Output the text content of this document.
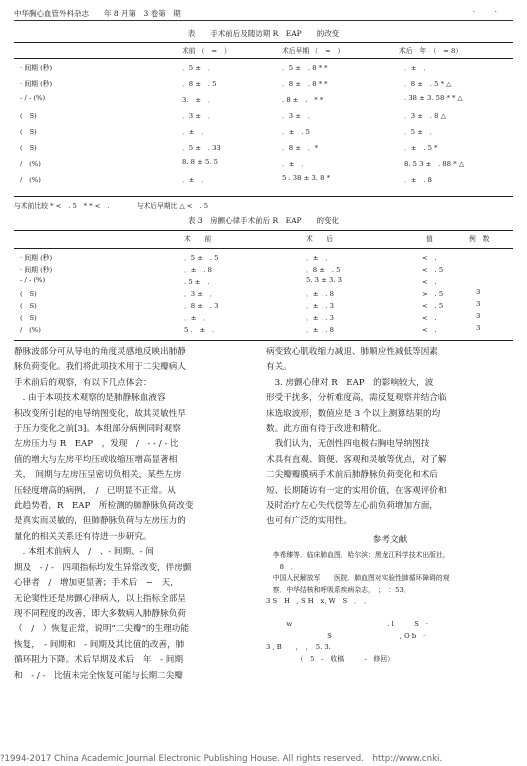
中华胸心血管外科杂志　　年 8 月第　3 卷第　期	·　·
表　　手术前后及随访期 R　EAP　　的改变
术前 （　=　）	术后早期 （　=　）	术后　年　（　= 8）
· 间期 (秒)	．5 ±　．	．5 ±　. 8 * *	．±　．
· 间期 (秒)	．8 ±　. 5	．8 ±　. 8 * *	．8 ±　. 5 * △
- / - (%)	3.　±　．	. 8 ±　.　* *	. 38 ± 3. 58 * * △
(　S)	．3 ±　．	．3 ±　．	．3 ±　. 8 △
(　S)	．±　．	．±　. 5	．5 ±　．
(　S)	．5 ±　. 33	．8 ±　．*	．±　. 5 *
/　(%)	8. 8 ± 5. 5	．±　．	8. 5 3 ±　. 88 * △
/　(%)	．±　．	5 . 38 ± 3. 8 *	．±　. 8
与术前比较 * <　. 5　* * <　.　　　　与术后早期比 △ <　. 5
表 3　房颤心律手术前后 R　EAP　　的变化
术　　前	术　　后	值	例　数
· 间期 (秒)	．5 ±　. 5	．±　．	<　.
· 间期 (秒)	．±　. 8	．8 ±　. 5	<　. 5
- / - (%)	. 5 ±　.	5. 3 ± 3. 3	<　.
(　S)	．3 ±　．	．±　. 8	>　. 5	3
(　S)	．8 ±　. 3	．±　. 3	<　. 5	3
(　S)	．±　．	．±　. 3	<　.	3
/　(%)	5 .　±　.	．±　. 8	<　.	3
静脉波部分可从导电的角度灵感地反映出肺静
脉负荷变化。我们将此项技术用于二尖瓣病人
手术前后的观察，有以下几点体会：
　. 由于本项技术观察的是肺静脉血液容
积改变所引起的电导纳图变化，故其灵敏性早
于压力变化之前[3]。本组部分病例同时观察
左房压力与 R　EAP　，发现　/　- - / - 比
值的增大与左房平均压或收缩压增高显著相
关，　间期与左房压呈密切负相关，某些左房
压轻度增高的病例，　/　已明显不正常。从
此趋势看，R　EAP　所检测的肺静脉负荷改变
是真实而灵敏的，但肺静脉负荷与左房压力的
量化的相关关系还有待进一步研究。
　. 本组术前病人　/　、- 间期、- 间
期及　- / -　四项指标均发生异常改变，伴房颤
心律者　/　增加更显著；手术后　−　天，
无论窦性还是房颤心律病人，以上指标全部呈
现不同程度的改善，即大多数病人肺静脉负荷
（　/　）恢复正常，说明“二尖瓣”的生理功能
恢复，　- 间期和　- 间期及其比值的改善，肺
循环阻力下降。术后早期及术后　年　- 间期
和　- / -　比值未完全恢复可能与长期二尖瓣
病变致心肌收缩力减退、肺顺应性减低等因素
有关。
　3. 房颤心律对 R　EAP　的影响较大，波
形受干扰多，分析难度高，需反复观察并结合临
床选取波形，数值应是 3 个以上测算结果的均
数。此方面有待于改进和精化。
　我们认为，无创性四电极右胸电导纳图技
术具有直观、简便、客观和灵敏等优点，对了解
二尖瓣瓣膜病手术前后肺静脉负荷变化和术后
短、长期随访有一定的实用价值，在客观评价和
及时治疗左心失代偿等左心前负荷增加方面，
也可有广泛的实用性。
参考文献
　李希臻等．临床肺血图．哈尔滨：黑龙江科学技术出版社，
　　8　．
　中国人民解放军　　医院．肺血图对实验性肺循环障碍的观
　察．中华结核和呼吸系疾病杂志，　；　：53．
3 S　H　, S H　x, W　S　．　．

　　　w　　　　　　　　　　　　　　. l　　　S　·
　　　　　　　　　S　　　　　　　　　　, O b　·
3 , B　　，　，　5. 3.
　　　　　（　5　-　收稿　　　-　修回）
?1994-2017 China Academic Journal Electronic Publishing House. All rights reserved.　http://www.cnki.
